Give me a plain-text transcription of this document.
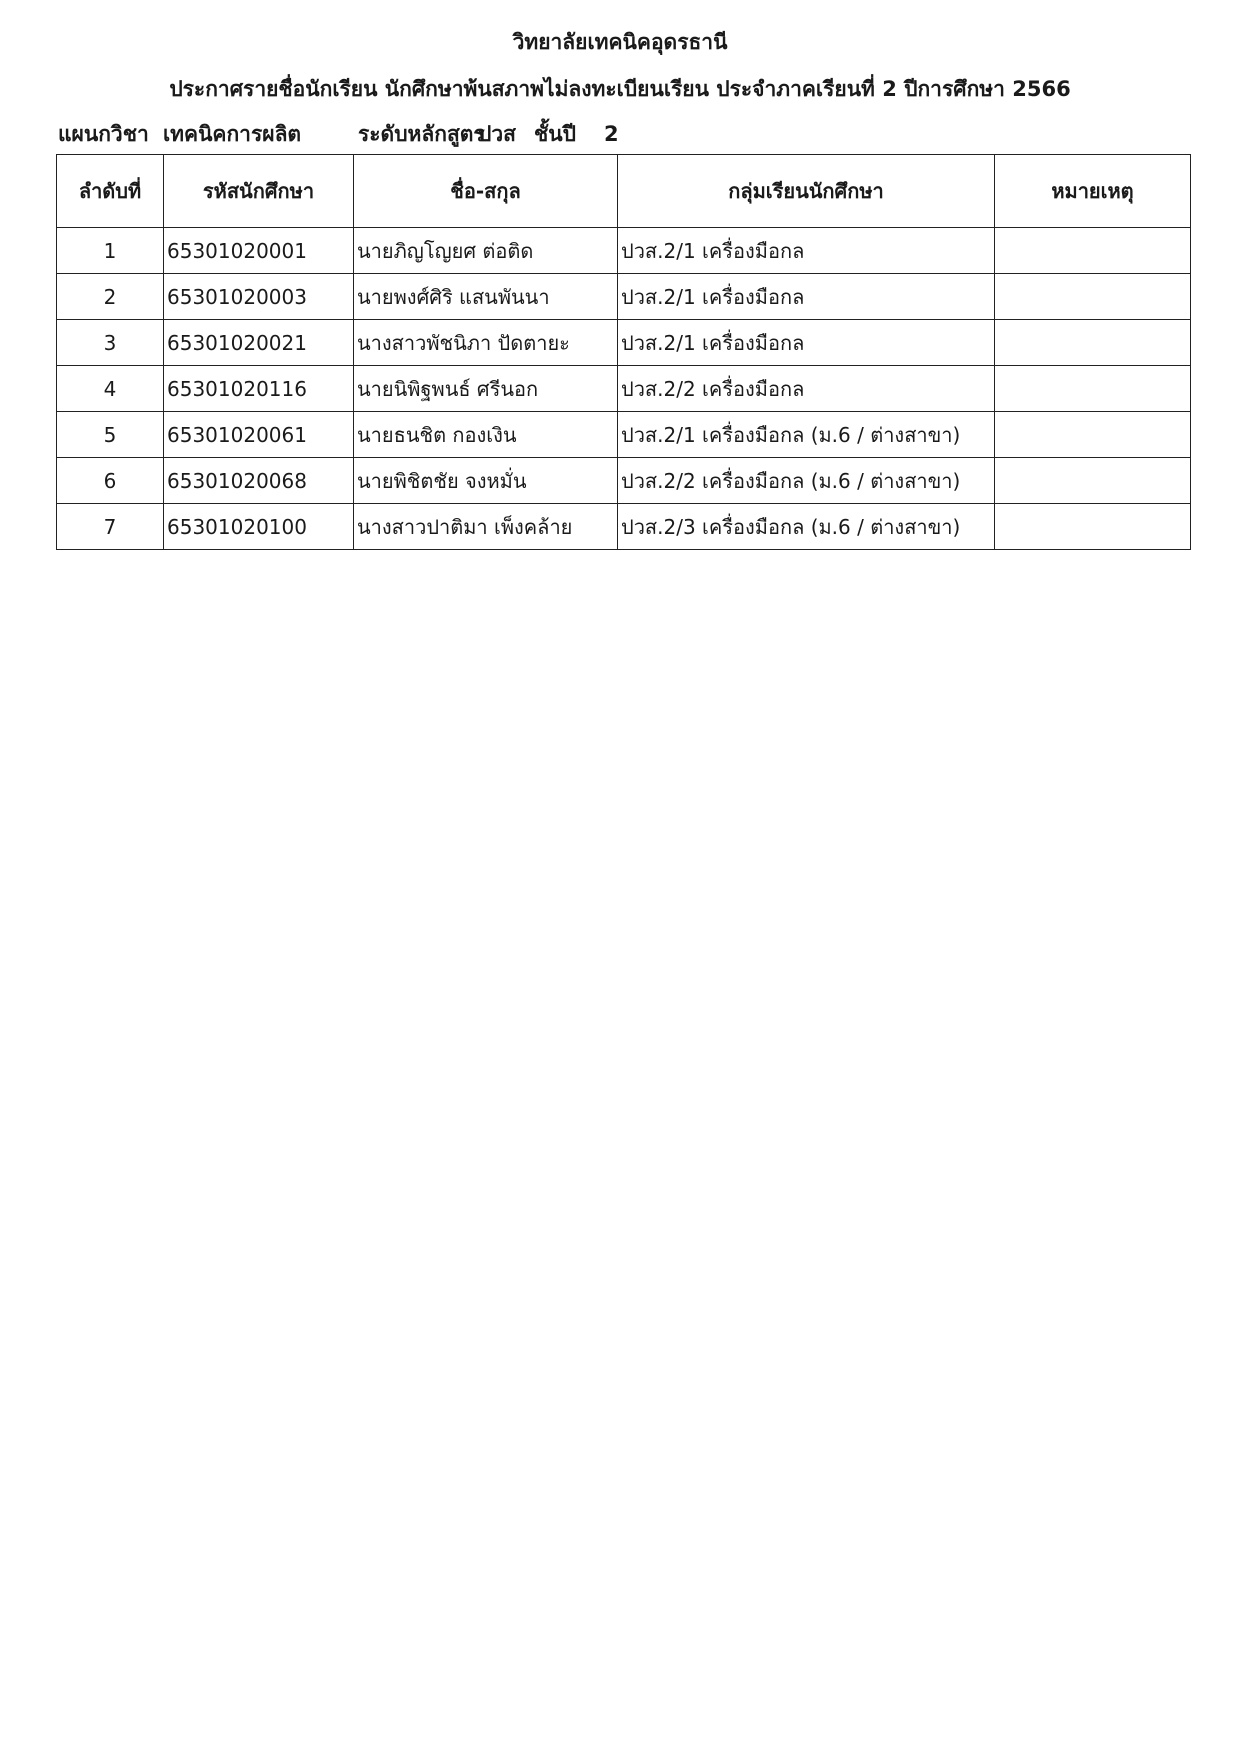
วิทยาลัยเทคนิคอุดรธานี
ประกาศรายชื่อนักเรียน นักศึกษาพ้นสภาพไม่ลงทะเบียนเรียน ประจำภาคเรียนที่ 2 ปีการศึกษา 2566
แผนกวิชา เทคนิคการผลิต	ระดับหลักสูตรปวส ชั้นปี 2
ลำดับที่	รหัสนักศึกษา	ชื่อ-สกุล	กลุ่มเรียนนักศึกษา	หมายเหตุ
1	65301020001	นายภิญโญยศ ต่อติด	ปวส.2/1 เครื่องมือกล	
2	65301020003	นายพงศ์ศิริ แสนพันนา	ปวส.2/1 เครื่องมือกล	
3	65301020021	นางสาวพัชนิภา ปัดตายะ	ปวส.2/1 เครื่องมือกล	
4	65301020116	นายนิพิฐพนธ์ ศรีนอก	ปวส.2/2 เครื่องมือกล	
5	65301020061	นายธนชิต กองเงิน	ปวส.2/1 เครื่องมือกล (ม.6 / ต่างสาขา)	
6	65301020068	นายพิชิตชัย จงหมั่น	ปวส.2/2 เครื่องมือกล (ม.6 / ต่างสาขา)	
7	65301020100	นางสาวปาติมา เพ็งคล้าย	ปวส.2/3 เครื่องมือกล (ม.6 / ต่างสาขา)	
